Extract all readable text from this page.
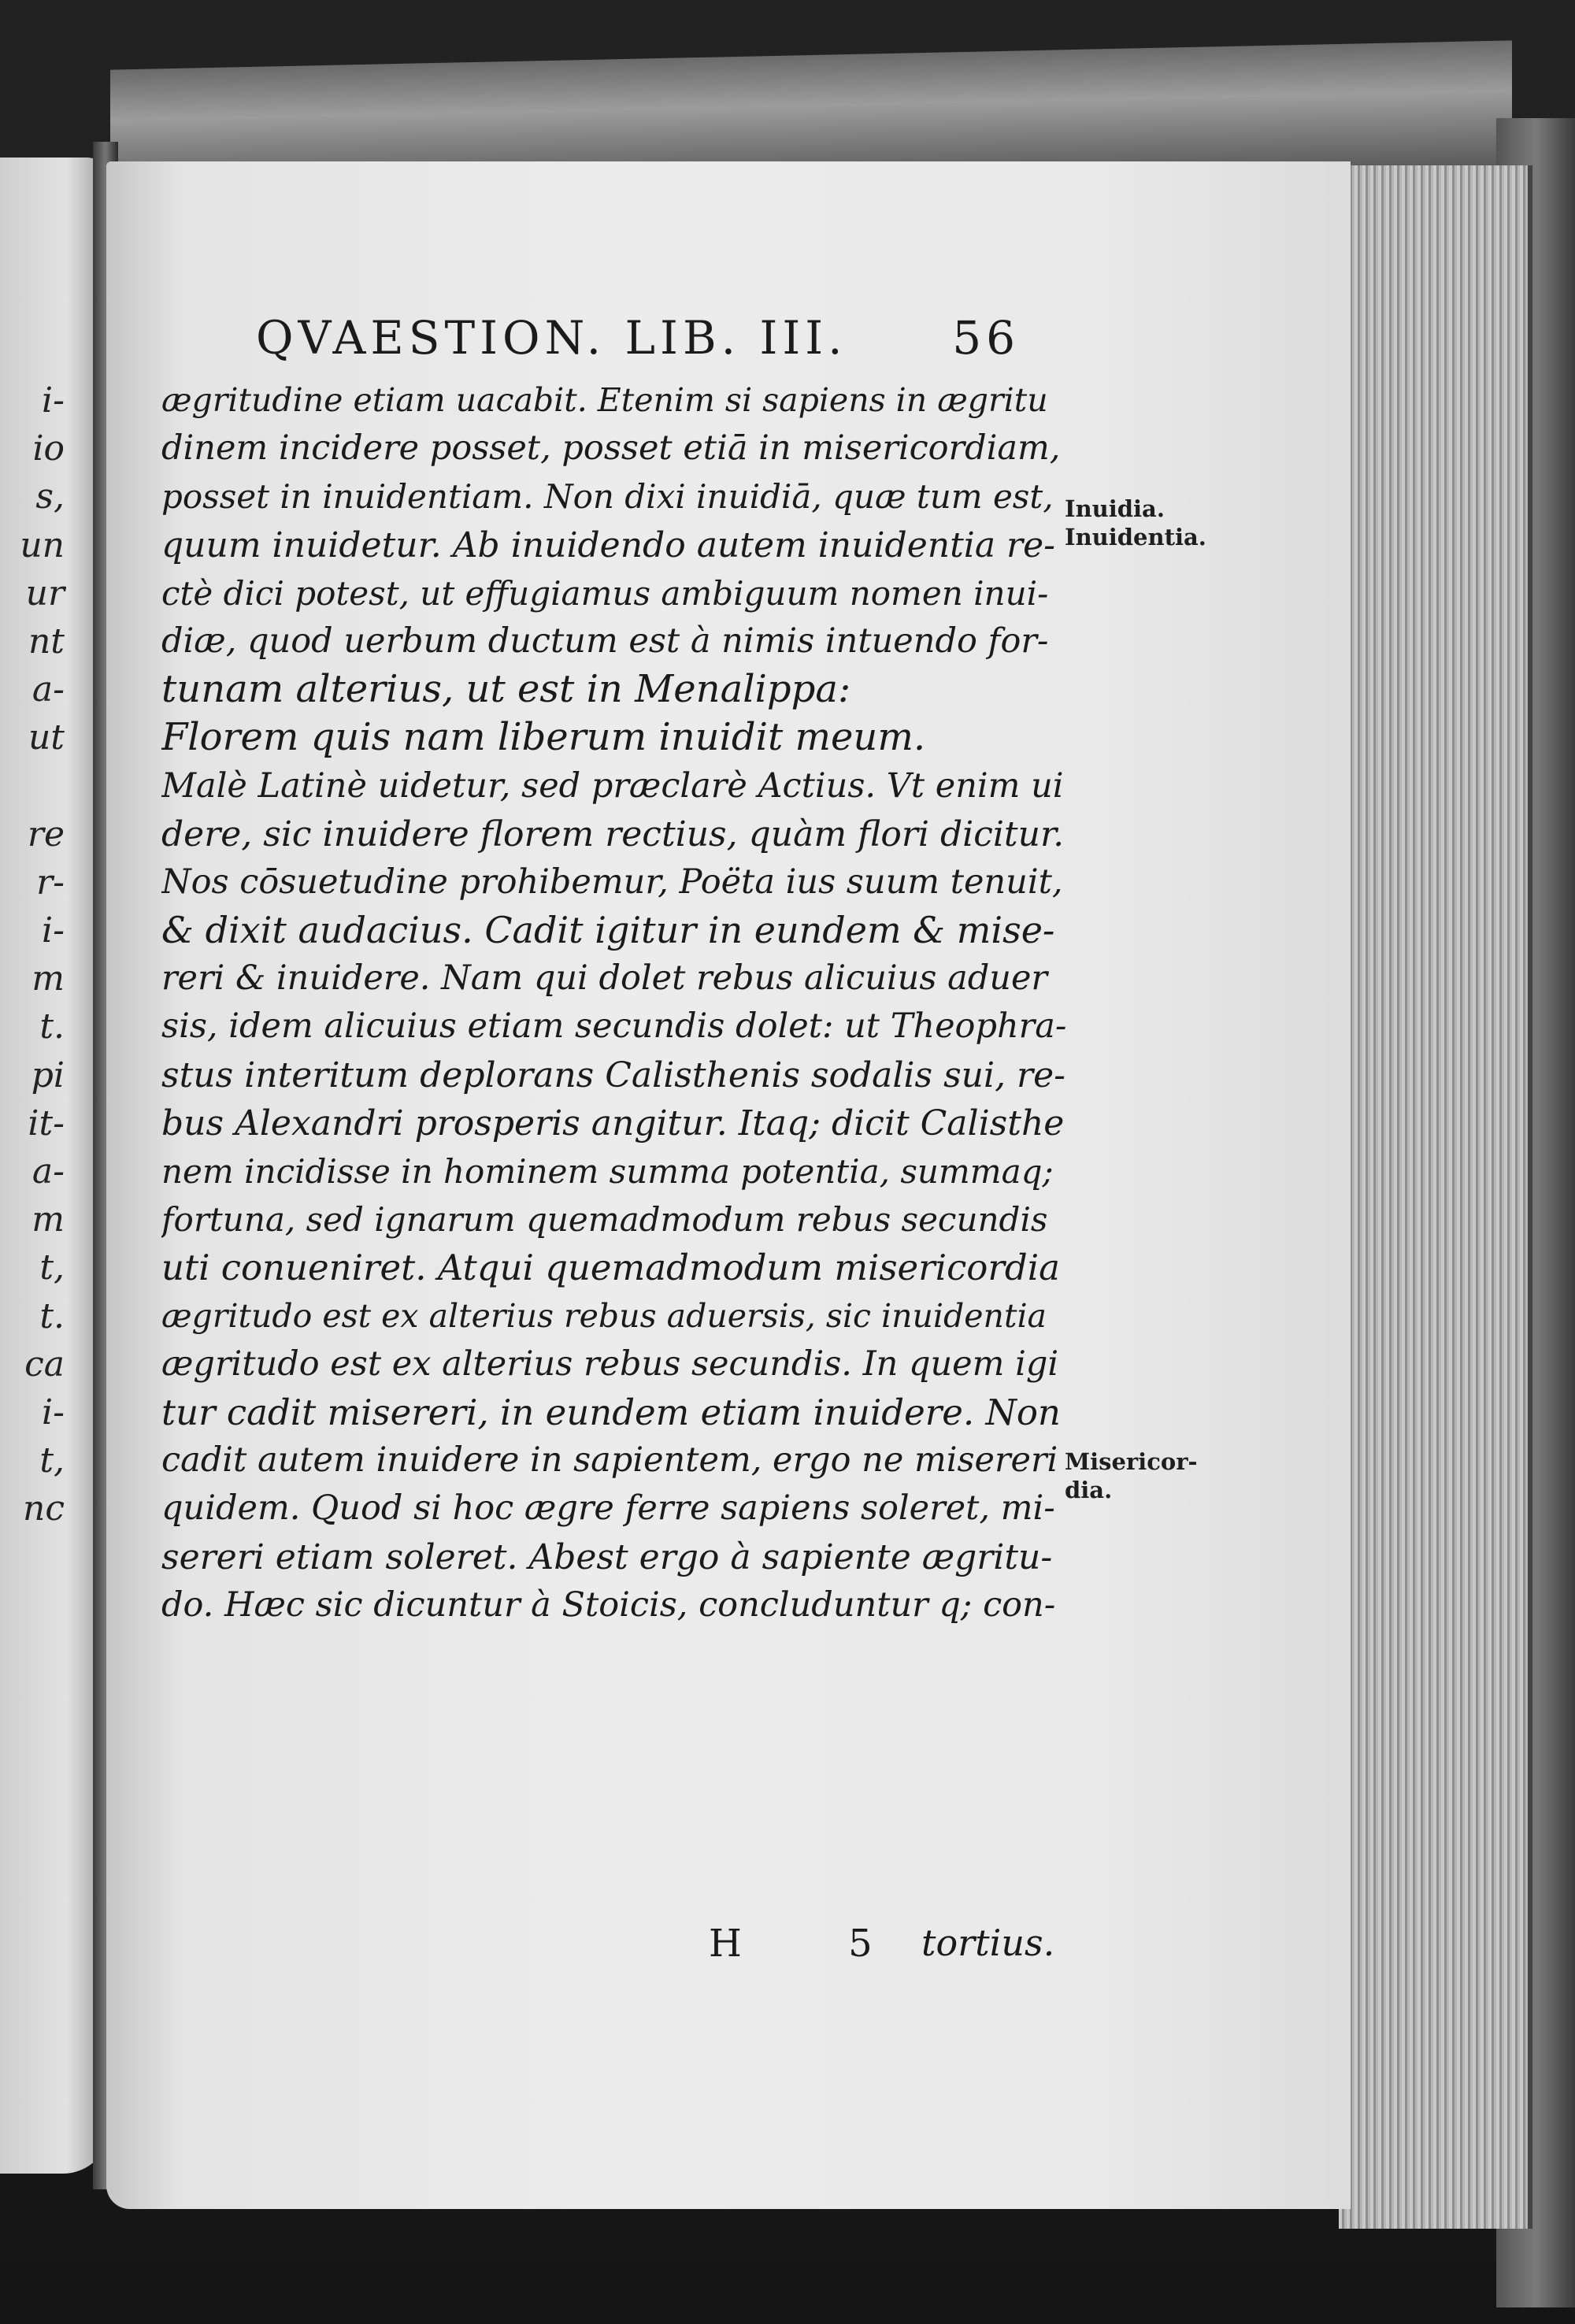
i-
io
s,
un
ur
nt
a-
ut
re
r-
i-
m
t.
pi
it-
a-
m
t,
t.
ca
i-
t,
nc
QVAESTION. LIB. III. 56
ægritudine etiam uacabit. Etenim si sapiens in ægritu
dinem incidere posset, posset etiā in misericordiam,
posset in inuidentiam. Non dixi inuidiā, quæ tum est,
quum inuidetur. Ab inuidendo autem inuidentia re-
ctè dici potest, ut effugiamus ambiguum nomen inui-
diæ, quod uerbum ductum est à nimis intuendo for-
tunam alterius, ut est in Menalippa:
Florem quis nam liberum inuidit meum.
Malè Latinè uidetur, sed præclarè Actius. Vt enim ui
dere, sic inuidere florem rectius, quàm flori dicitur.
Nos cōsuetudine prohibemur, Poëta ius suum tenuit,
& dixit audacius. Cadit igitur in eundem & mise-
reri & inuidere. Nam qui dolet rebus alicuius aduer
sis, idem alicuius etiam secundis dolet: ut Theophra-
stus interitum deplorans Calisthenis sodalis sui, re-
bus Alexandri prosperis angitur. Itaq; dicit Calisthe
nem incidisse in hominem summa potentia, summaq;
fortuna, sed ignarum quemadmodum rebus secundis
uti conueniret. Atqui quemadmodum misericordia
ægritudo est ex alterius rebus aduersis, sic inuidentia
ægritudo est ex alterius rebus secundis. In quem igi
tur cadit misereri, in eundem etiam inuidere. Non
cadit autem inuidere in sapientem, ergo ne misereri
quidem. Quod si hoc ægre ferre sapiens soleret, mi-
sereri etiam soleret. Abest ergo à sapiente ægritu-
do. Hæc sic dicuntur à Stoicis, concluduntur q; con-
Inuidia.
Inuidentia.
Misericor-
dia.
H 5 tortius.
